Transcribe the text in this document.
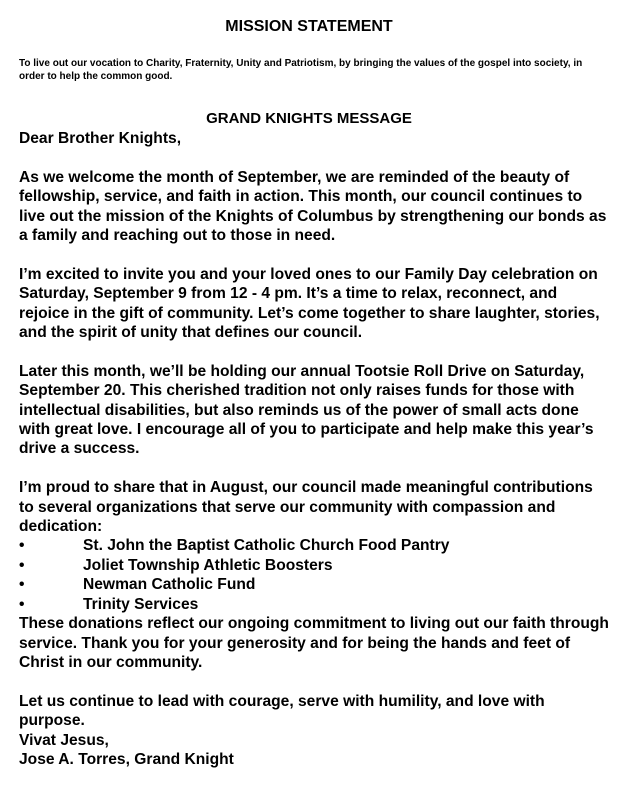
MISSION STATEMENT

To live out our vocation to Charity, Fraternity, Unity and Patriotism, by bringing the values of the gospel into society, in order to help the common good.

GRAND KNIGHTS MESSAGE

Dear Brother Knights,

As we welcome the month of September, we are reminded of the beauty of fellowship, service, and faith in action. This month, our council continues to live out the mission of the Knights of Columbus by strengthening our bonds as a family and reaching out to those in need.

I’m excited to invite you and your loved ones to our Family Day celebration on Saturday, September 9 from 12 - 4 pm. It’s a time to relax, reconnect, and rejoice in the gift of community. Let’s come together to share laughter, stories, and the spirit of unity that defines our council.

Later this month, we’ll be holding our annual Tootsie Roll Drive on Saturday, September 20. This cherished tradition not only raises funds for those with intellectual disabilities, but also reminds us of the power of small acts done with great love. I encourage all of you to participate and help make this year’s drive a success.

I’m proud to share that in August, our council made meaningful contributions to several organizations that serve our community with compassion and dedication:

•	St. John the Baptist Catholic Church Food Pantry
•	Joliet Township Athletic Boosters
•	Newman Catholic Fund
•	Trinity Services

These donations reflect our ongoing commitment to living out our faith through service. Thank you for your generosity and for being the hands and feet of Christ in our community.

Let us continue to lead with courage, serve with humility, and love with purpose.

Vivat Jesus,

Jose A. Torres, Grand Knight
